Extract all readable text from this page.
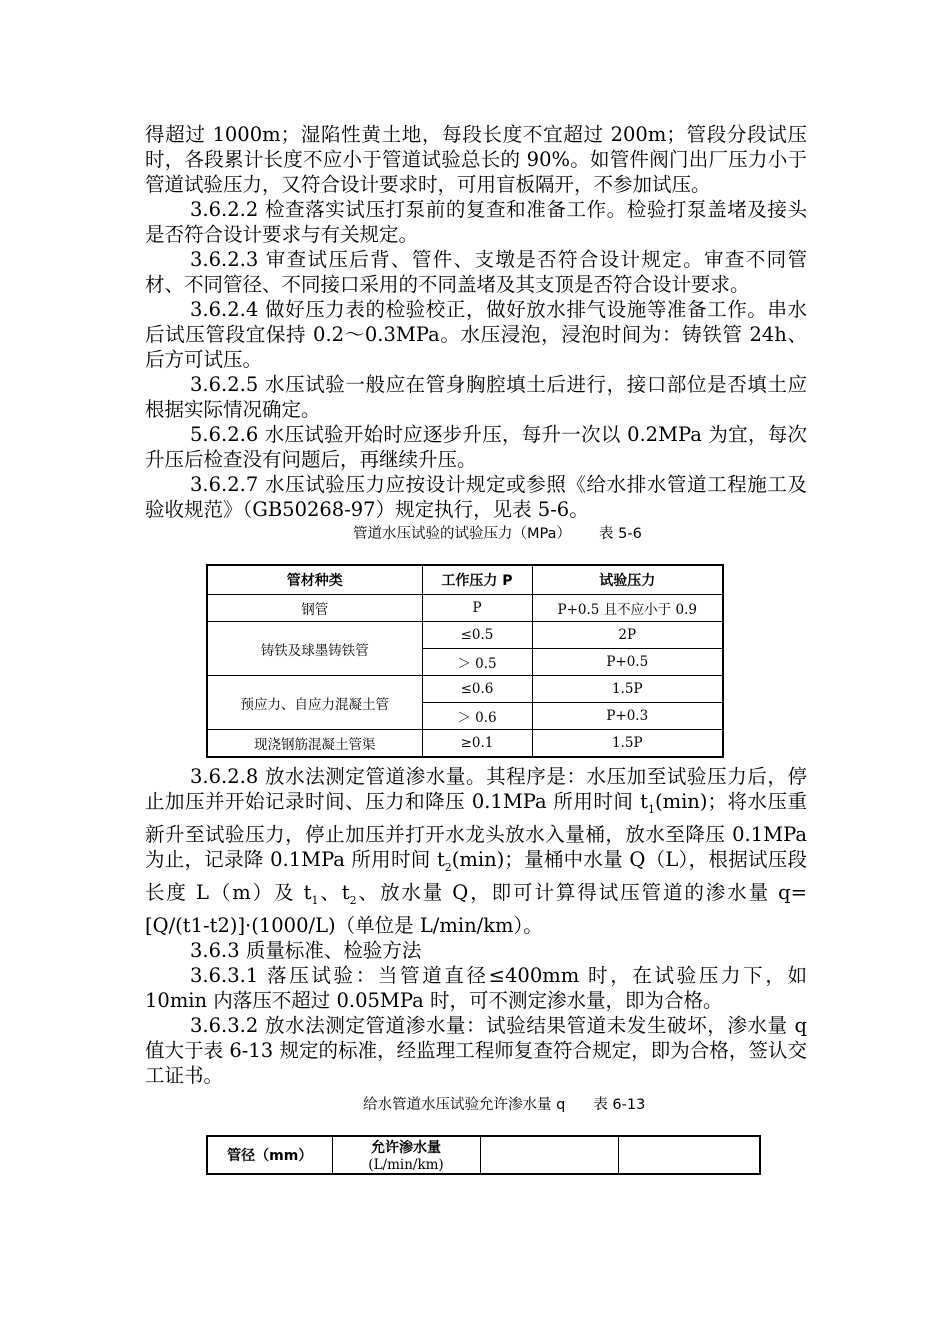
得超过 1000m；湿陷性黄土地，每段长度不宜超过 200m；管段分段试压时，各段累计长度不应小于管道试验总长的 90%。如管件阀门出厂压力小于管道试验压力，又符合设计要求时，可用盲板隔开，不参加试压。

3.6.2.2 检查落实试压打泵前的复查和准备工作。检验打泵盖堵及接头是否符合设计要求与有关规定。

3.6.2.3 审查试压后背、管件、支墩是否符合设计规定。审查不同管材、不同管径、不同接口采用的不同盖堵及其支顶是否符合设计要求。

3.6.2.4 做好压力表的检验校正，做好放水排气设施等准备工作。串水后试压管段宜保持 0.2～0.3MPa。水压浸泡，浸泡时间为：铸铁管 24h、后方可试压。

3.6.2.5 水压试验一般应在管身胸腔填土后进行，接口部位是否填土应根据实际情况确定。

5.6.2.6 水压试验开始时应逐步升压，每升一次以 0.2MPa 为宜，每次升压后检查没有问题后，再继续升压。

3.6.2.7 水压试验压力应按设计规定或参照《给水排水管道工程施工及验收规范》（GB50268-97）规定执行，见表 5-6。

管道水压试验的试验压力（MPa） 表 5-6
管材种类	工作压力 P	试验压力
钢管	P	P+0.5 且不应小于 0.9
铸铁及球墨铸铁管	≤0.5	2P
	＞ 0.5	P+0.5
预应力、自应力混凝土管	≤0.6	1.5P
	＞ 0.6	P+0.3
现浇钢筋混凝土管渠	≥0.1	1.5P

3.6.2.8 放水法测定管道渗水量。其程序是：水压加至试验压力后，停止加压并开始记录时间、压力和降压 0.1MPa 所用时间 $t_1(\min)$；将水压重新升至试验压力，停止加压并打开水龙头放水入量桶，放水至降压 0.1MPa 为止，记录降 0.1MPa 所用时间 $t_2(\min)$；量桶中水量 Q（L），根据试压段长度 L（m）及 $t_1$、$t_2$、放水量 Q，即可计算得试压管道的渗水量 q=[Q/(t1-t2)]·(1000/L)（单位是 L/min/km）。

3.6.3 质量标准、检验方法

3.6.3.1 落压试验：当管道直径≤400mm 时，在试验压力下，如 10min 内落压不超过 0.05MPa 时，可不测定渗水量，即为合格。

3.6.3.2 放水法测定管道渗水量：试验结果管道未发生破坏，渗水量 q 值大于表 6-13 规定的标准，经监理工程师复查符合规定，即为合格，签认交工证书。

给水管道水压试验允许渗水量 q 表 6-13
管径（mm）	允许渗水量
(L/min/km)
